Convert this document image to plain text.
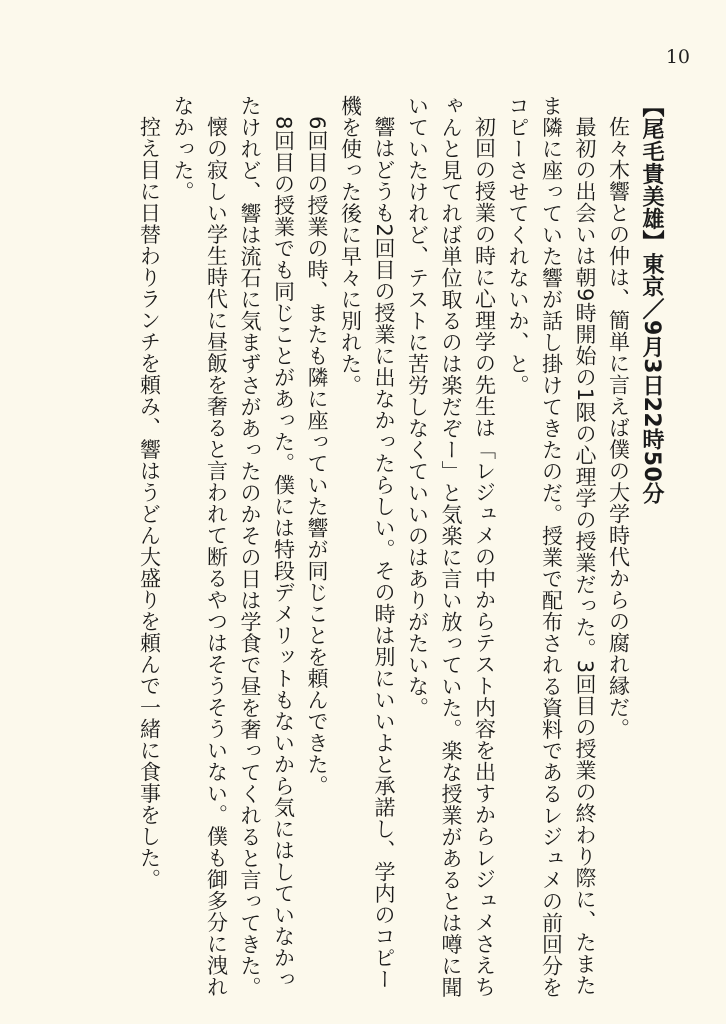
10
【尾毛貴美雄】東京／9月3日22時50分
佐々木響との仲は、簡単に言えば僕の大学時代からの腐れ縁だ。
最初の出会いは朝9時開始の1限の心理学の授業だった。3回目の授業の終わり際に、たまたま隣に座っていた響が話し掛けてきたのだ。授業で配布される資料であるレジュメの前回分をコピーさせてくれないか、と。
初回の授業の時に心理学の先生は「レジュメの中からテスト内容を出すからレジュメさえちゃんと見てれば単位取るのは楽だぞー」と気楽に言い放っていた。楽な授業があるとは噂に聞いていたけれど、テストに苦労しなくていいのはありがたいな。
響はどうも2回目の授業に出なかったらしい。その時は別にいいよと承諾し、学内のコピー機を使った後に早々に別れた。
6回目の授業の時、またも隣に座っていた響が同じことを頼んできた。
8回目の授業でも同じことがあった。僕には特段デメリットもないから気にはしていなかったけれど、響は流石に気まずさがあったのかその日は学食で昼を奢ってくれると言ってきた。
懐の寂しい学生時代に昼飯を奢ると言われて断るやつはそうそういない。僕も御多分に洩れなかった。
控え目に日替わりランチを頼み、響はうどん大盛りを頼んで一緒に食事をした。
